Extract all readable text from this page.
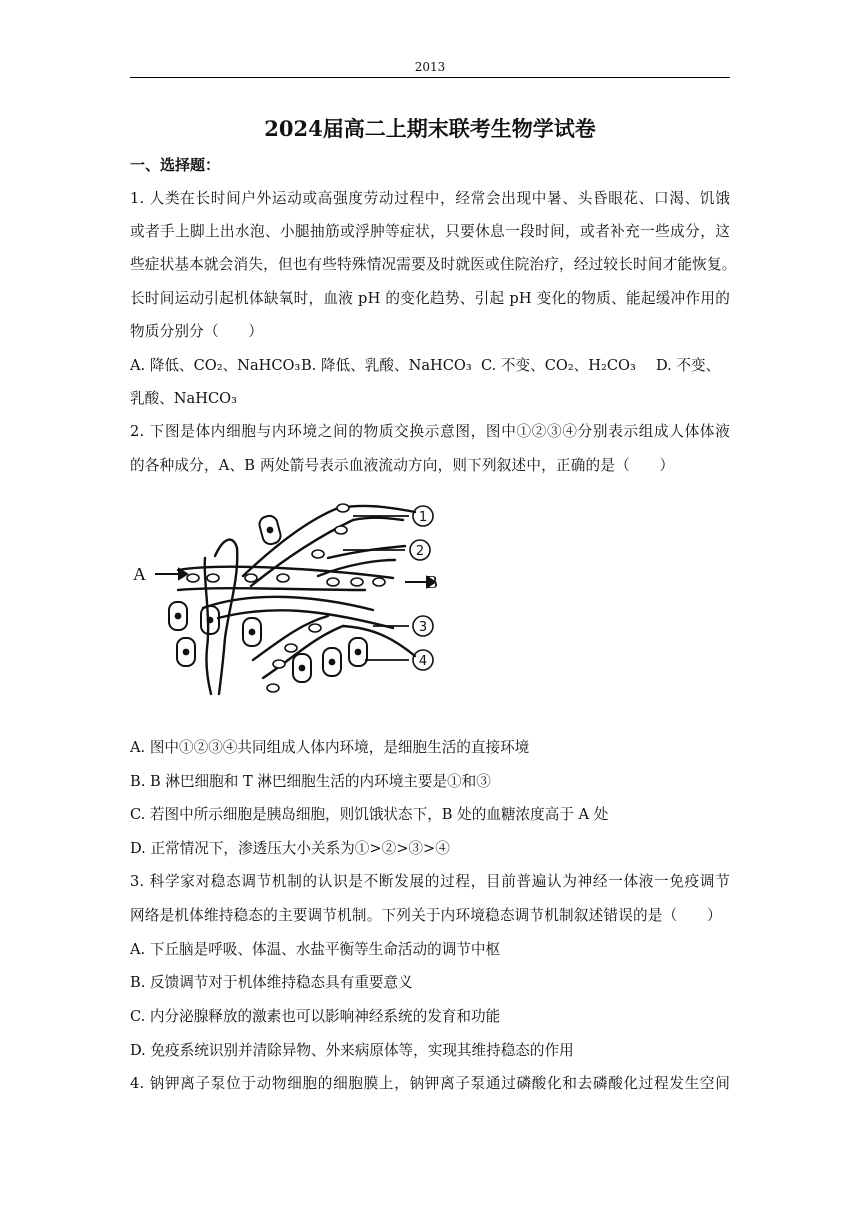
2013
2024届高二上期末联考生物学试卷
一、选择题：
1. 人类在长时间户外运动或高强度劳动过程中，经常会出现中暑、头昏眼花、口渴、饥饿
或者手上脚上出水泡、小腿抽筋或浮肿等症状，只要休息一段时间，或者补充一些成分，这
些症状基本就会消失，但也有些特殊情况需要及时就医或住院治疗，经过较长时间才能恢复。
长时间运动引起机体缺氧时，血液 pH 的变化趋势、引起 pH 变化的物质、能起缓冲作用的
物质分别分（　　）
A. 降低、CO₂、NaHCO₃ B. 降低、乳酸、NaHCO₃ C. 不变、CO₂、H₂CO₃ D. 不变、
乳酸、NaHCO₃
2. 下图是体内细胞与内环境之间的物质交换示意图，图中①②③④分别表示组成人体体液
的各种成分，A、B 两处箭号表示血液流动方向，则下列叙述中，正确的是（　　）
A	B
1
2
3
4
A. 图中①②③④共同组成人体内环境，是细胞生活的直接环境
B. B 淋巴细胞和 T 淋巴细胞生活的内环境主要是①和③
C. 若图中所示细胞是胰岛细胞，则饥饿状态下，B 处的血糖浓度高于 A 处
D. 正常情况下，渗透压大小关系为①>②>③>④
3. 科学家对稳态调节机制的认识是不断发展的过程，目前普遍认为神经一体液一免疫调节
网络是机体维持稳态的主要调节机制。下列关于内环境稳态调节机制叙述错误的是（　　）
A. 下丘脑是呼吸、体温、水盐平衡等生命活动的调节中枢
B. 反馈调节对于机体维持稳态具有重要意义
C. 内分泌腺释放的激素也可以影响神经系统的发育和功能
D. 免疫系统识别并清除异物、外来病原体等，实现其维持稳态的作用
4. 钠钾离子泵位于动物细胞的细胞膜上，钠钾离子泵通过磷酸化和去磷酸化过程发生空间
